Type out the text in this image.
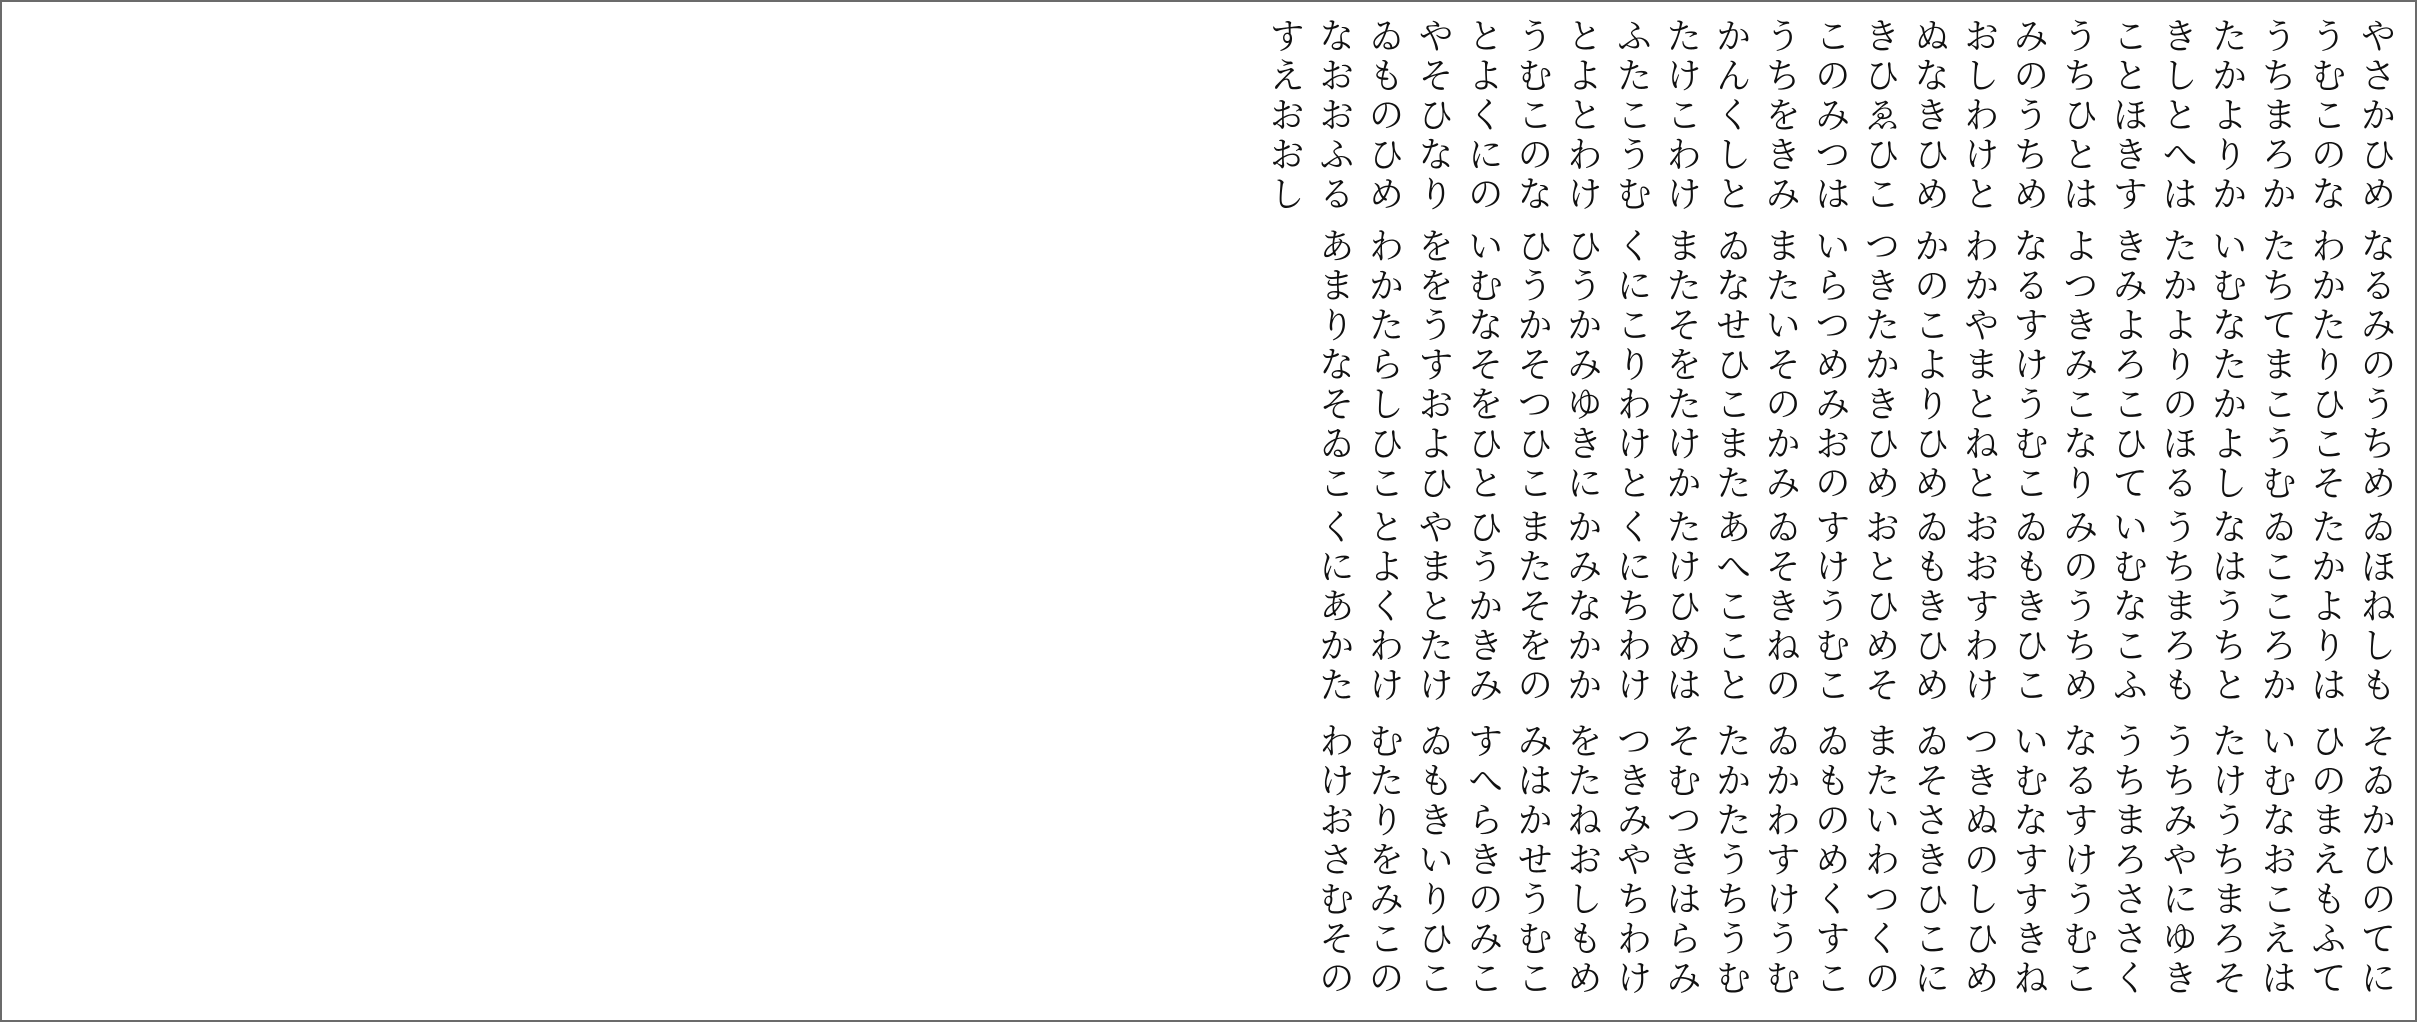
やさかひめ
なるみのうちめ
ゐほねしも
そゐかひのてに
うむこのな
わかたりひこそ
たかよりは
ひのまえもふて
うちまろか
たちてまこうむ
ゐこころか
いむなおこえは
たかよりか
いむなたかよし
なはうちと
たけうちまろそ
きしとへは
たかよりのほる
うちまろも
うちみやにゆき
ことほきす
きみよろこひて
いむなこふ
うちまろささく
うちひとは
よつきみこなり
みのうちめ
なるすけうむこ
みのうちめ
なるすけうむこ
ゐもきひこ
いむなすすきね
おしわけと
わかやまとねと
おおすわけ
つきぬのしひめ
ぬなきひめ
かのこよりひめ
ゐもきひめ
ゐそさきひこに
きひゑひこ
つきたかきひめ
おとひめそ
またいわつくの
このみつは
いらつめみおの
すけうむこ
ゐものめくすこ
うちをきみ
またいそのかみ
ゐそきねの
ゐかわすけうむ
かんくしと
ゐなせひこまた
あへここと
たかたうちうむ
たけこわけ
またそをたけか
たけひめは
そむつきはらみ
ふたこうむ
くにこりわけと
くにちわけ
つきみやちわけ
とよとわけ
ひうかみゆきに
かみなかか
をたねおしもめ
うむこのな
ひうかそつひこ
またそをの
みはかせうむこ
とよくにの
いむなそをひと
ひうかきみ
すへらきのみこ
やそひなり
ををうすおよひ
やまとたけ
ゐもきいりひこ
ゐものひめ
わかたらしひこ
とよくわけ
むたりをみこの
なおおふる
あまりなそゐこ
くにあかた
わけおさむその
すえおおし
